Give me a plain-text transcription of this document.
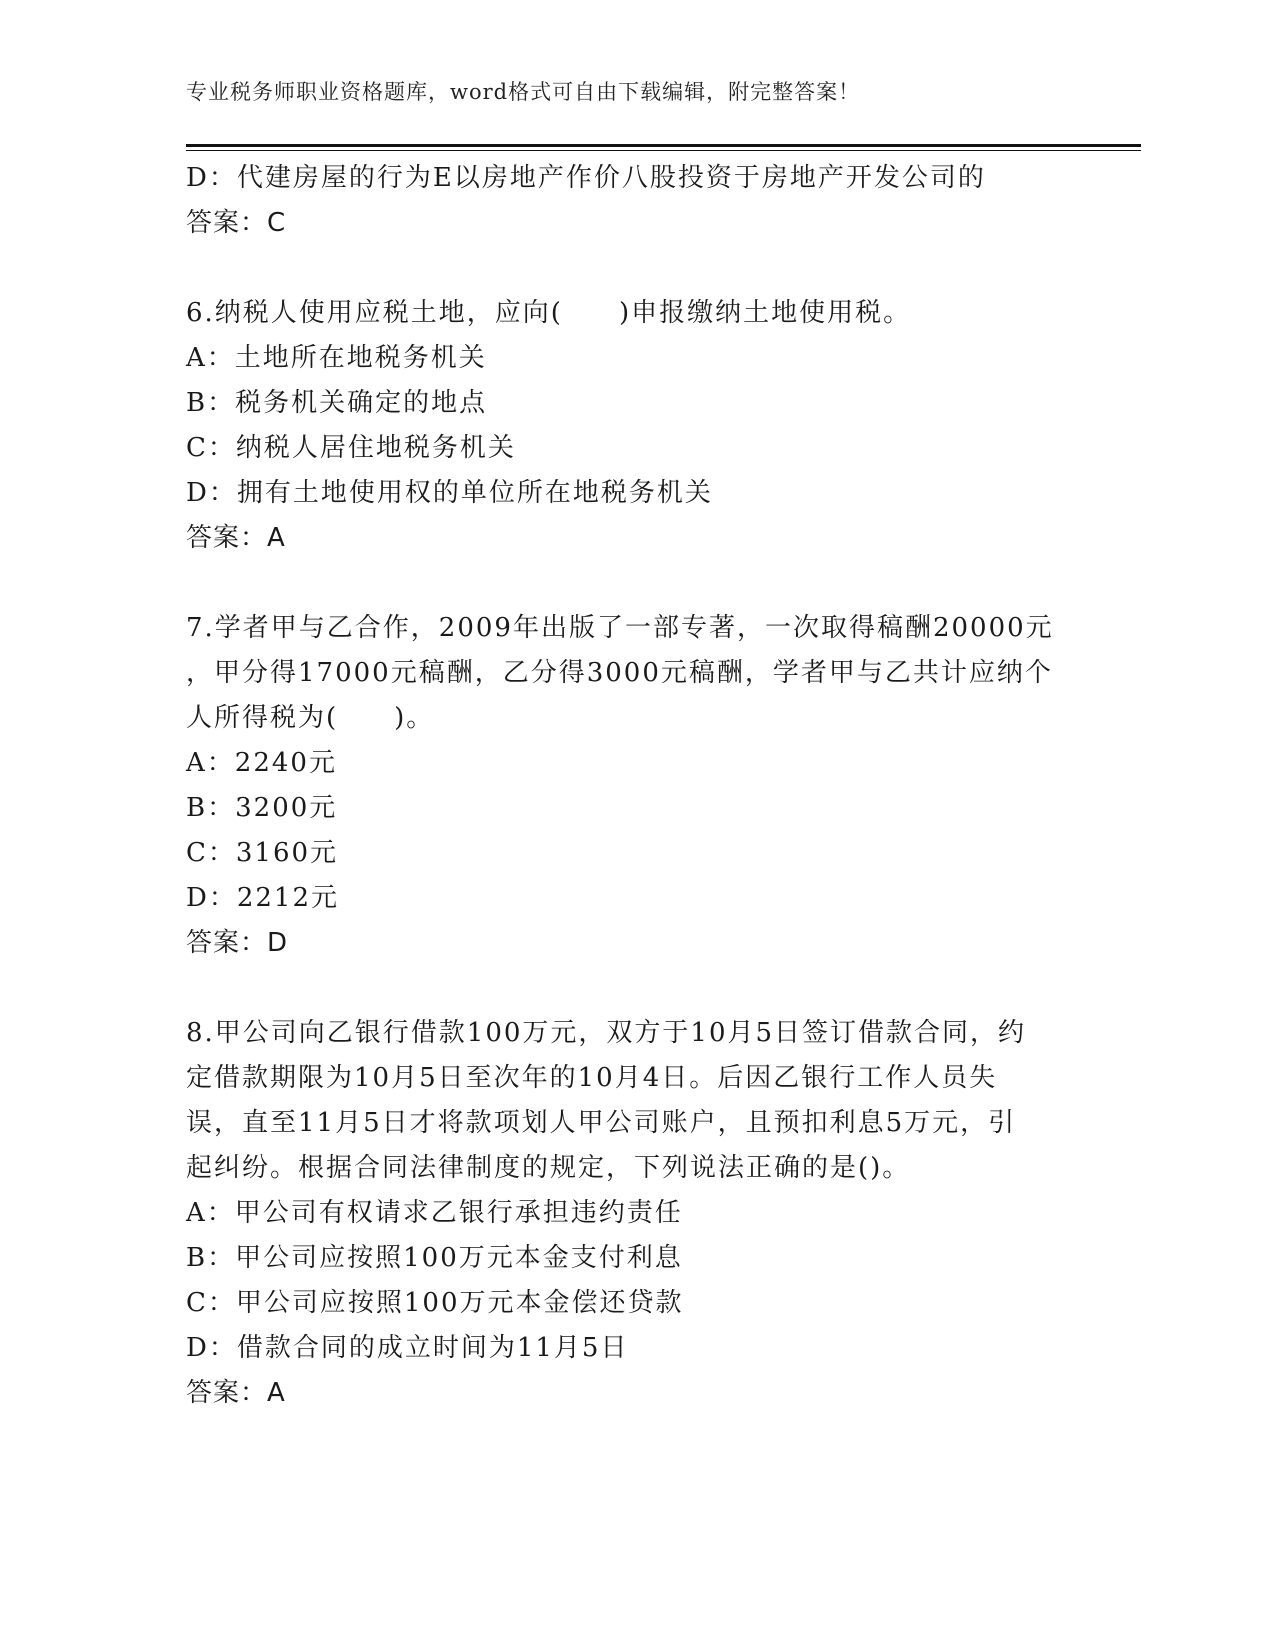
专业税务师职业资格题库，word格式可自由下载编辑，附完整答案！
D：代建房屋的行为E以房地产作价八股投资于房地产开发公司的
答案：C
6.纳税人使用应税土地，应向(　　)申报缴纳土地使用税。
A：土地所在地税务机关
B：税务机关确定的地点
C：纳税人居住地税务机关
D：拥有土地使用权的单位所在地税务机关
答案：A
7.学者甲与乙合作，2009年出版了一部专著，一次取得稿酬20000元
，甲分得17000元稿酬，乙分得3000元稿酬，学者甲与乙共计应纳个
人所得税为(　　)。
A：2240元
B：3200元
C：3160元
D：2212元
答案：D
8.甲公司向乙银行借款100万元，双方于10月5日签订借款合同，约
定借款期限为10月5日至次年的10月4日。后因乙银行工作人员失
误，直至11月5日才将款项划人甲公司账户，且预扣利息5万元，引
起纠纷。根据合同法律制度的规定，下列说法正确的是()。
A：甲公司有权请求乙银行承担违约责任
B：甲公司应按照100万元本金支付利息
C：甲公司应按照100万元本金偿还贷款
D：借款合同的成立时间为11月5日
答案：A
